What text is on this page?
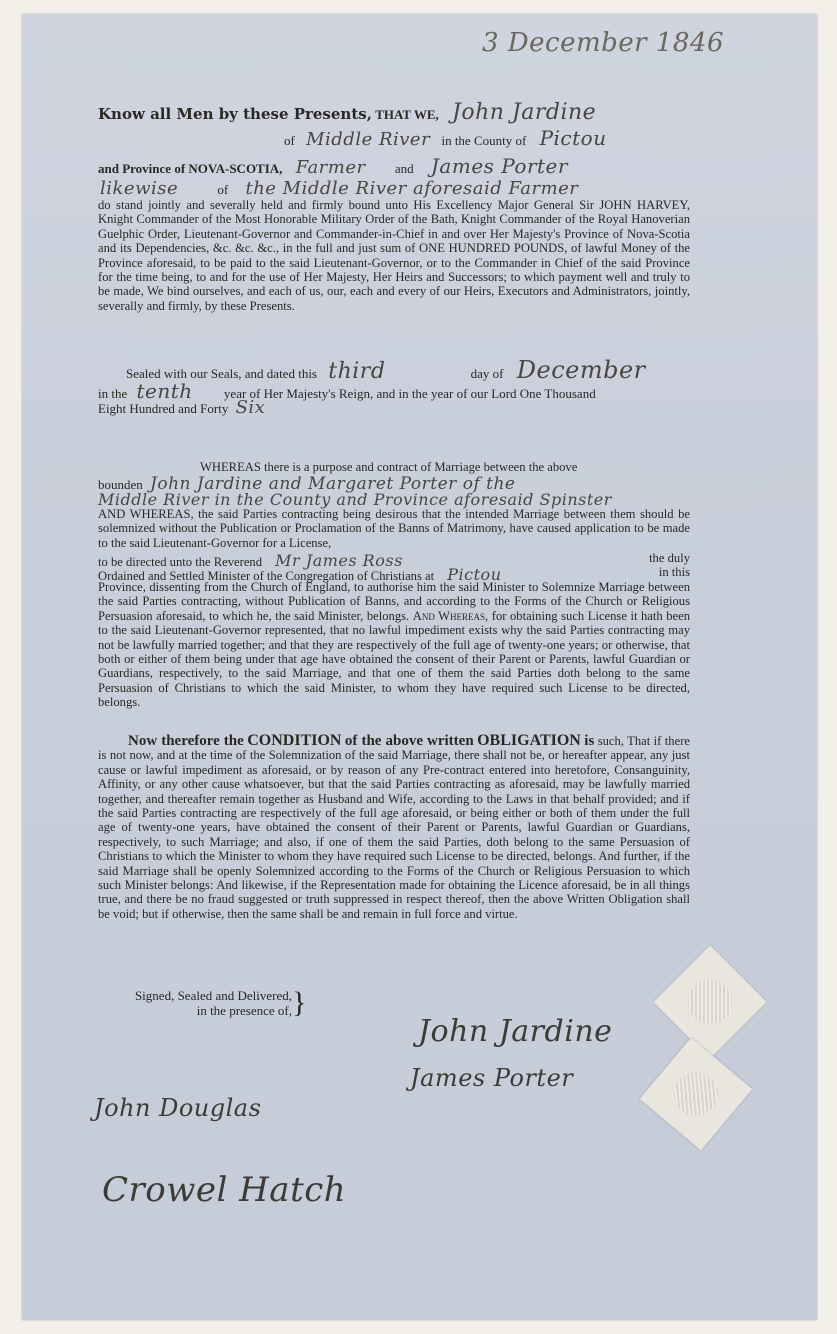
3 December 1846
Know all Men by these Presents, THAT WE, John Jardine
of Middle River in the County of Pictou
and Province of NOVA-SCOTIA, Farmer and James Porter
likewise	of the Middle River aforesaid Farmer
do stand jointly and severally held and firmly bound unto His Excellency Major General Sir JOHN HARVEY, Knight Commander of the Most Honorable Military Order of the Bath, Knight Commander of the Royal Hanoverian Guelphic Order, Lieutenant-Governor and Commander-in-Chief in and over Her Majesty's Province of Nova-Scotia and its Dependencies, &c. &c. &c., in the full and just sum of ONE HUNDRED POUNDS, of lawful Money of the Province aforesaid, to be paid to the said Lieutenant-Governor, or to the Commander in Chief of the said Province for the time being, to and for the use of Her Majesty, Her Heirs and Successors; to which payment well and truly to be made, We bind ourselves, and each of us, our, each and every of our Heirs, Executors and Administrators, jointly, severally and firmly, by these Presents.
Sealed with our Seals, and dated this third	day of December
in the tenth year of Her Majesty's Reign, and in the year of our Lord One Thousand
Eight Hundred and Forty Six
WHEREAS there is a purpose and contract of Marriage between the above
bounden John Jardine and Margaret Porter of the
Middle River in the County and Province aforesaid Spinster
AND WHEREAS, the said Parties contracting being desirous that the intended Marriage between them should be solemnized without the Publication or Proclamation of the Banns of Matrimony, have caused application to be made to the said Lieutenant-Governor for a License,
to be directed unto the Reverend Mr James Ross	the duly
Ordained and Settled Minister of the Congregation of Christians at Pictou	in this
Province, dissenting from the Church of England, to authorise him the said Minister to Solemnize Marriage between the said Parties contracting, without Publication of Banns, and according to the Forms of the Church or Religious Persuasion aforesaid, to which he, the said Minister, belongs. And Whereas, for obtaining such License it hath been to the said Lieutenant-Governor represented, that no lawful impediment exists why the said Parties contracting may not be lawfully married together; and that they are respectively of the full age of twenty-one years; or otherwise, that both or either of them being under that age have obtained the consent of their Parent or Parents, lawful Guardian or Guardians, respectively, to the said Marriage, and that one of them the said Parties doth belong to the same Persuasion of Christians to which the said Minister, to whom they have required such License to be directed, belongs.
Now therefore the CONDITION of the above written OBLIGATION is such, That if there is not now, and at the time of the Solemnization of the said Marriage, there shall not be, or hereafter appear, any just cause or lawful impediment as aforesaid, or by reason of any Pre-contract entered into heretofore, Consanguinity, Affinity, or any other cause whatsoever, but that the said Parties contracting as aforesaid, may be lawfully married together, and thereafter remain together as Husband and Wife, according to the Laws in that behalf provided; and if the said Parties contracting are respectively of the full age aforesaid, or being either or both of them under the full age of twenty-one years, have obtained the consent of their Parent or Parents, lawful Guardian or Guardians, respectively, to such Marriage; and also, if one of them the said Parties, doth belong to the same Persuasion of Christians to which the Minister to whom they have required such License to be directed, belongs. And further, if the said Marriage shall be openly Solemnized according to the Forms of the Church or Religious Persuasion to which such Minister belongs: And likewise, if the Representation made for obtaining the Licence aforesaid, be in all things true, and there be no fraud suggested or truth suppressed in respect thereof, then the above Written Obligation shall be void; but if otherwise, then the same shall be and remain in full force and virtue.
Signed, Sealed and Delivered,
in the presence of, }
John Jardine
James Porter
John Douglas
Crowel Hatch
